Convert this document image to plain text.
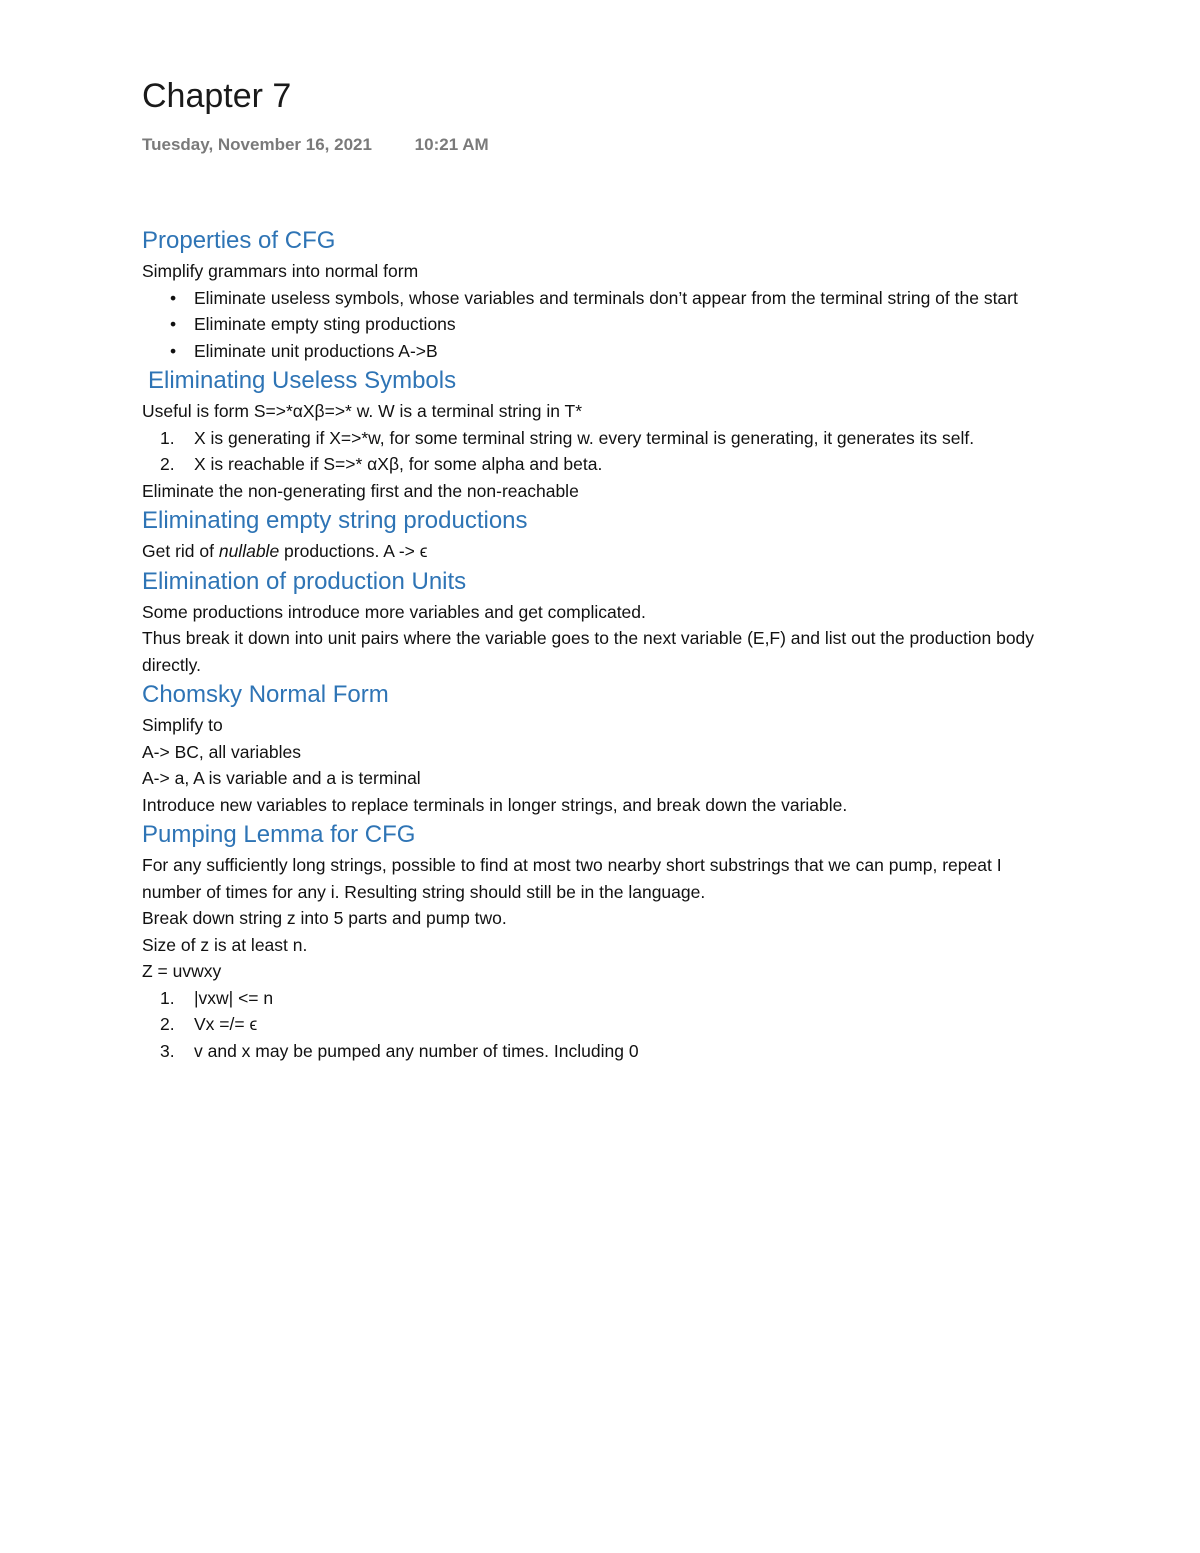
Chapter 7
Tuesday, November 16, 2021	10:21 AM
Properties of CFG

Simplify grammars into normal form

• Eliminate useless symbols, whose variables and terminals don’t appear from the terminal string of the start
• Eliminate empty sting productions
• Eliminate unit productions A->B
Eliminating Useless Symbols

Useful is form S=>*αXβ=>* w. W is a terminal string in T*

1. X is generating if X=>*w, for some terminal string w. every terminal is generating, it generates its self.
2. X is reachable if S=>* αXβ, for some alpha and beta.

Eliminate the non-generating first and the non-reachable

Eliminating empty string productions

Get rid of nullable productions. A -> ϵ

Elimination of production Units

Some productions introduce more variables and get complicated.

Thus break it down into unit pairs where the variable goes to the next variable (E,F) and list out the production body directly.

Chomsky Normal Form

Simplify to

A-> BC, all variables

A-> a, A is variable and a is terminal

Introduce new variables to replace terminals in longer strings, and break down the variable.

Pumping Lemma for CFG

For any sufficiently long strings, possible to find at most two nearby short substrings that we can pump, repeat I number of times for any i. Resulting string should still be in the language.

Break down string z into 5 parts and pump two.

Size of z is at least n.

Z = uvwxy

1. |vxw| <= n
2. Vx =/= ϵ
3. v and x may be pumped any number of times. Including 0
